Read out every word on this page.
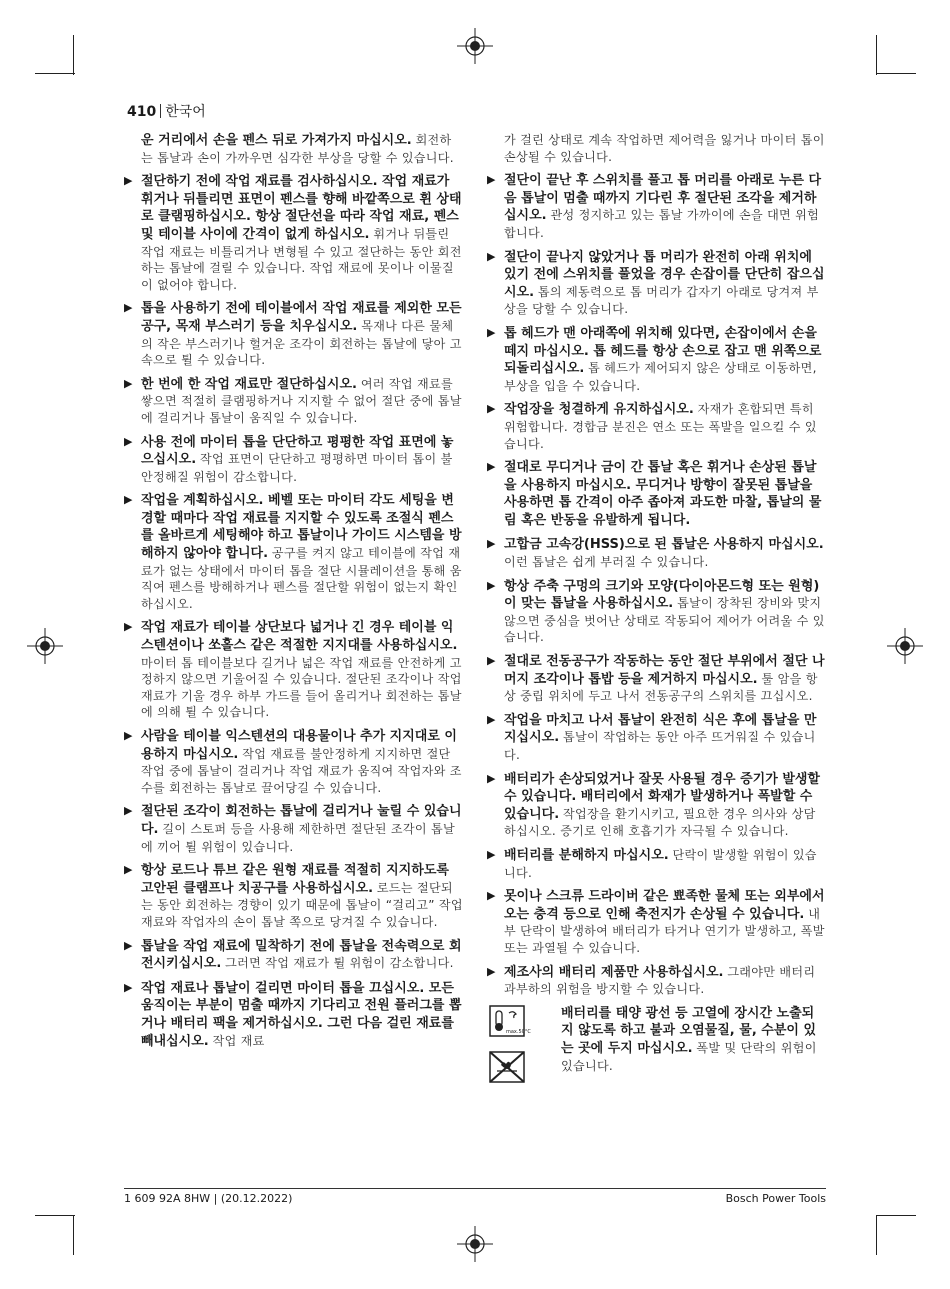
410 한국어
운 거리에서 손을 펜스 뒤로 가져가지 마십시오. 회전하는 톱날과 손이 가까우면 심각한 부상을 당할 수 있습니다.
▶ 절단하기 전에 작업 재료를 검사하십시오. 작업 재료가 휘거나 뒤틀리면 표면이 펜스를 향해 바깥쪽으로 휜 상태로 클램핑하십시오. 항상 절단선을 따라 작업 재료, 펜스 및 테이블 사이에 간격이 없게 하십시오. 휘거나 뒤틀린 작업 재료는 비틀리거나 변형될 수 있고 절단하는 동안 회전하는 톱날에 걸릴 수 있습니다. 작업 재료에 못이나 이물질이 없어야 합니다.
▶ 톱을 사용하기 전에 테이블에서 작업 재료를 제외한 모든 공구, 목재 부스러기 등을 치우십시오. 목재나 다른 물체의 작은 부스러기나 헐거운 조각이 회전하는 톱날에 닿아 고속으로 튈 수 있습니다.
▶ 한 번에 한 작업 재료만 절단하십시오. 여러 작업 재료를 쌓으면 적절히 클램핑하거나 지지할 수 없어 절단 중에 톱날에 걸리거나 톱날이 움직일 수 있습니다.
▶ 사용 전에 마이터 톱을 단단하고 평평한 작업 표면에 놓으십시오. 작업 표면이 단단하고 평평하면 마이터 톱이 불안정해질 위험이 감소합니다.
▶ 작업을 계획하십시오. 베벨 또는 마이터 각도 세팅을 변경할 때마다 작업 재료를 지지할 수 있도록 조절식 펜스를 올바르게 세팅해야 하고 톱날이나 가이드 시스템을 방해하지 않아야 합니다. 공구를 켜지 않고 테이블에 작업 재료가 없는 상태에서 마이터 톱을 절단 시뮬레이션을 통해 움직여 펜스를 방해하거나 펜스를 절단할 위험이 없는지 확인하십시오.
▶ 작업 재료가 테이블 상단보다 넓거나 긴 경우 테이블 익스텐션이나 쏘홀스 같은 적절한 지지대를 사용하십시오. 마이터 톱 테이블보다 길거나 넓은 작업 재료를 안전하게 고정하지 않으면 기울어질 수 있습니다. 절단된 조각이나 작업 재료가 기울 경우 하부 가드를 들어 올리거나 회전하는 톱날에 의해 튈 수 있습니다.
▶ 사람을 테이블 익스텐션의 대용물이나 추가 지지대로 이용하지 마십시오. 작업 재료를 불안정하게 지지하면 절단 작업 중에 톱날이 걸리거나 작업 재료가 움직여 작업자와 조수를 회전하는 톱날로 끌어당길 수 있습니다.
▶ 절단된 조각이 회전하는 톱날에 걸리거나 눌릴 수 있습니다. 길이 스토퍼 등을 사용해 제한하면 절단된 조각이 톱날에 끼어 튈 위험이 있습니다.
▶ 항상 로드나 튜브 같은 원형 재료를 적절히 지지하도록 고안된 클램프나 치공구를 사용하십시오. 로드는 절단되는 동안 회전하는 경향이 있기 때문에 톱날이 “걸리고” 작업 재료와 작업자의 손이 톱날 쪽으로 당겨질 수 있습니다.
▶ 톱날을 작업 재료에 밀착하기 전에 톱날을 전속력으로 회전시키십시오. 그러면 작업 재료가 튈 위험이 감소합니다.
▶ 작업 재료나 톱날이 걸리면 마이터 톱을 끄십시오. 모든 움직이는 부분이 멈출 때까지 기다리고 전원 플러그를 뽑거나 배터리 팩을 제거하십시오. 그런 다음 걸린 재료를 빼내십시오. 작업 재료
가 걸린 상태로 계속 작업하면 제어력을 잃거나 마이터 톱이 손상될 수 있습니다.
▶ 절단이 끝난 후 스위치를 풀고 톱 머리를 아래로 누른 다음 톱날이 멈출 때까지 기다린 후 절단된 조각을 제거하십시오. 관성 정지하고 있는 톱날 가까이에 손을 대면 위험합니다.
▶ 절단이 끝나지 않았거나 톱 머리가 완전히 아래 위치에 있기 전에 스위치를 풀었을 경우 손잡이를 단단히 잡으십시오. 톱의 제동력으로 톱 머리가 갑자기 아래로 당겨져 부상을 당할 수 있습니다.
▶ 톱 헤드가 맨 아래쪽에 위치해 있다면, 손잡이에서 손을 떼지 마십시오. 톱 헤드를 항상 손으로 잡고 맨 위쪽으로 되돌리십시오. 톱 헤드가 제어되지 않은 상태로 이동하면, 부상을 입을 수 있습니다.
▶ 작업장을 청결하게 유지하십시오. 자재가 혼합되면 특히 위험합니다. 경합금 분진은 연소 또는 폭발을 일으킬 수 있습니다.
▶ 절대로 무디거나 금이 간 톱날 혹은 휘거나 손상된 톱날을 사용하지 마십시오. 무디거나 방향이 잘못된 톱날을 사용하면 톱 간격이 아주 좁아져 과도한 마찰, 톱날의 물림 혹은 반동을 유발하게 됩니다.
▶ 고합금 고속강(HSS)으로 된 톱날은 사용하지 마십시오. 이런 톱날은 쉽게 부러질 수 있습니다.
▶ 항상 주축 구멍의 크기와 모양(다이아몬드형 또는 원형)이 맞는 톱날을 사용하십시오. 톱날이 장착된 장비와 맞지 않으면 중심을 벗어난 상태로 작동되어 제어가 어려울 수 있습니다.
▶ 절대로 전동공구가 작동하는 동안 절단 부위에서 절단 나머지 조각이나 톱밥 등을 제거하지 마십시오. 툴 암을 항상 중립 위치에 두고 나서 전동공구의 스위치를 끄십시오.
▶ 작업을 마치고 나서 톱날이 완전히 식은 후에 톱날을 만지십시오. 톱날이 작업하는 동안 아주 뜨거워질 수 있습니다.
▶ 배터리가 손상되었거나 잘못 사용될 경우 증기가 발생할 수 있습니다. 배터리에서 화재가 발생하거나 폭발할 수 있습니다. 작업장을 환기시키고, 필요한 경우 의사와 상담하십시오. 증기로 인해 호흡기가 자극될 수 있습니다.
▶ 배터리를 분해하지 마십시오. 단락이 발생할 위험이 있습니다.
▶ 못이나 스크류 드라이버 같은 뾰족한 물체 또는 외부에서 오는 충격 등으로 인해 축전지가 손상될 수 있습니다. 내부 단락이 발생하여 배터리가 타거나 연기가 발생하고, 폭발 또는 과열될 수 있습니다.
▶ 제조사의 배터리 제품만 사용하십시오. 그래야만 배터리 과부하의 위험을 방지할 수 있습니다.
max.50°C

배터리를 태양 광선 등 고열에 장시간 노출되지 않도록 하고 불과 오염물질, 물, 수분이 있는 곳에 두지 마십시오. 폭발 및 단락의 위험이 있습니다.
1 609 92A 8HW | (20.12.2022)	Bosch Power Tools
